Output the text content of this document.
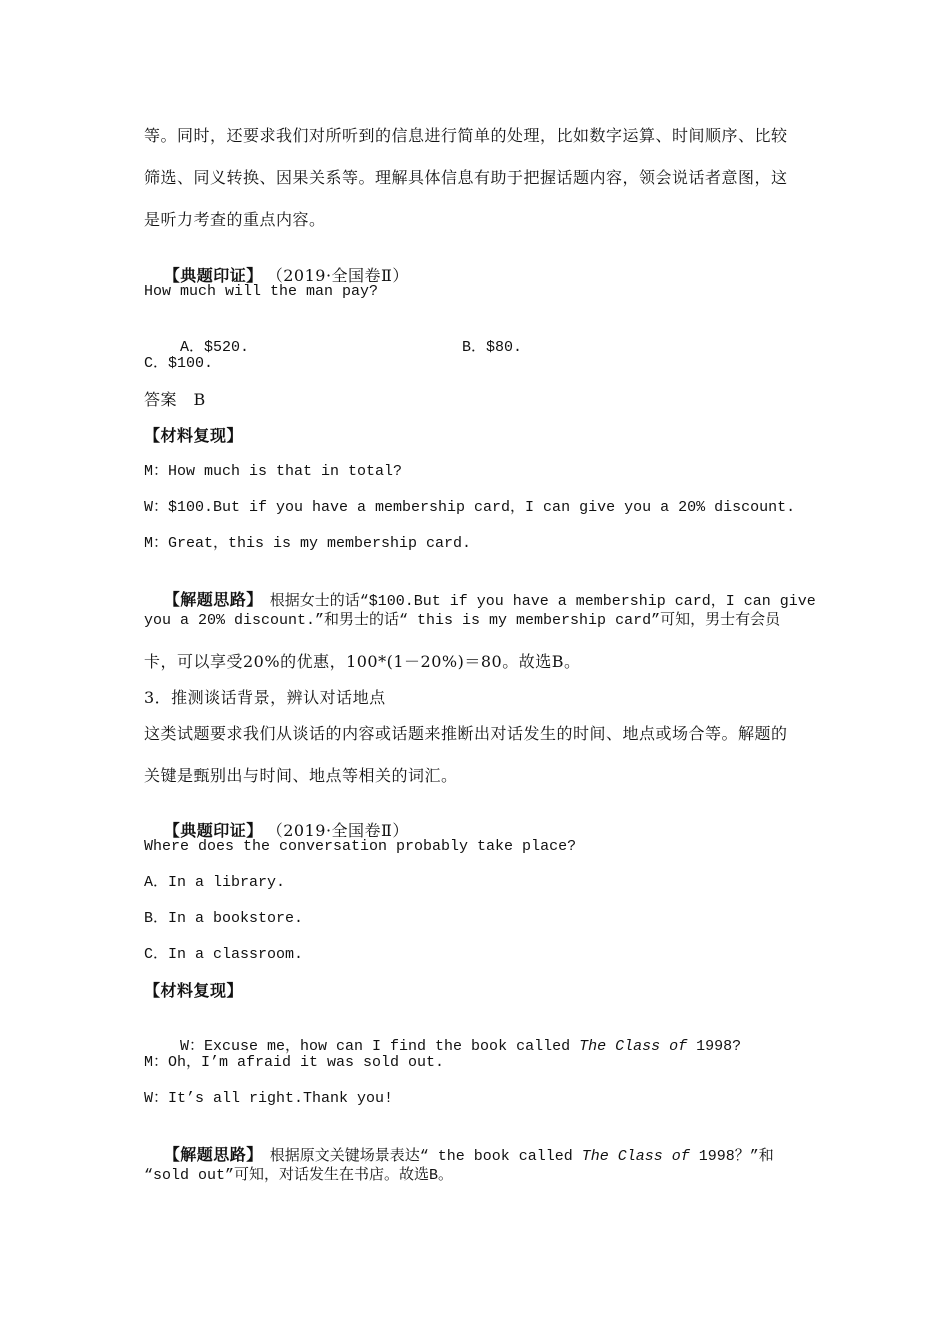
等。同时，还要求我们对所听到的信息进行简单的处理，比如数字运算、时间顺序、比较
筛选、同义转换、因果关系等。理解具体信息有助于把握话题内容，领会说话者意图，这
是听力考查的重点内容。

【典题印证】 （2019·全国卷Ⅱ）

How much will the man pay?

A．$520.	B．$80.

C．$100.
答案　B
【材料复现】
M：How much is that in total?
W：$100.But if you have a membership card，I can give you a 20% discount.
M：Great，this is my membership card.

【解题思路】　根据女士的话“$100.But if you have a membership card，I can give

you a 20% discount.”和男士的话“ this is my membership card”可知，男士有会员
卡，可以享受20%的优惠，100*(1－20%)＝80。故选B。
3．推测谈话背景，辨认对话地点
这类试题要求我们从谈话的内容或话题来推断出对话发生的时间、地点或场合等。解题的
关键是甄别出与时间、地点等相关的词汇。

【典题印证】 （2019·全国卷Ⅱ）

Where does the conversation probably take place?
A．In a library.
B．In a bookstore.
C．In a classroom.
【材料复现】

W：Excuse me，how can I find the book called The Class of 1998?

M：Oh，I’m afraid it was sold out.
W：It’s all right.Thank you!

【解题思路】　根据原文关键场景表达“ the book called The Class of 1998？”和

“sold out”可知，对话发生在书店。故选B。
